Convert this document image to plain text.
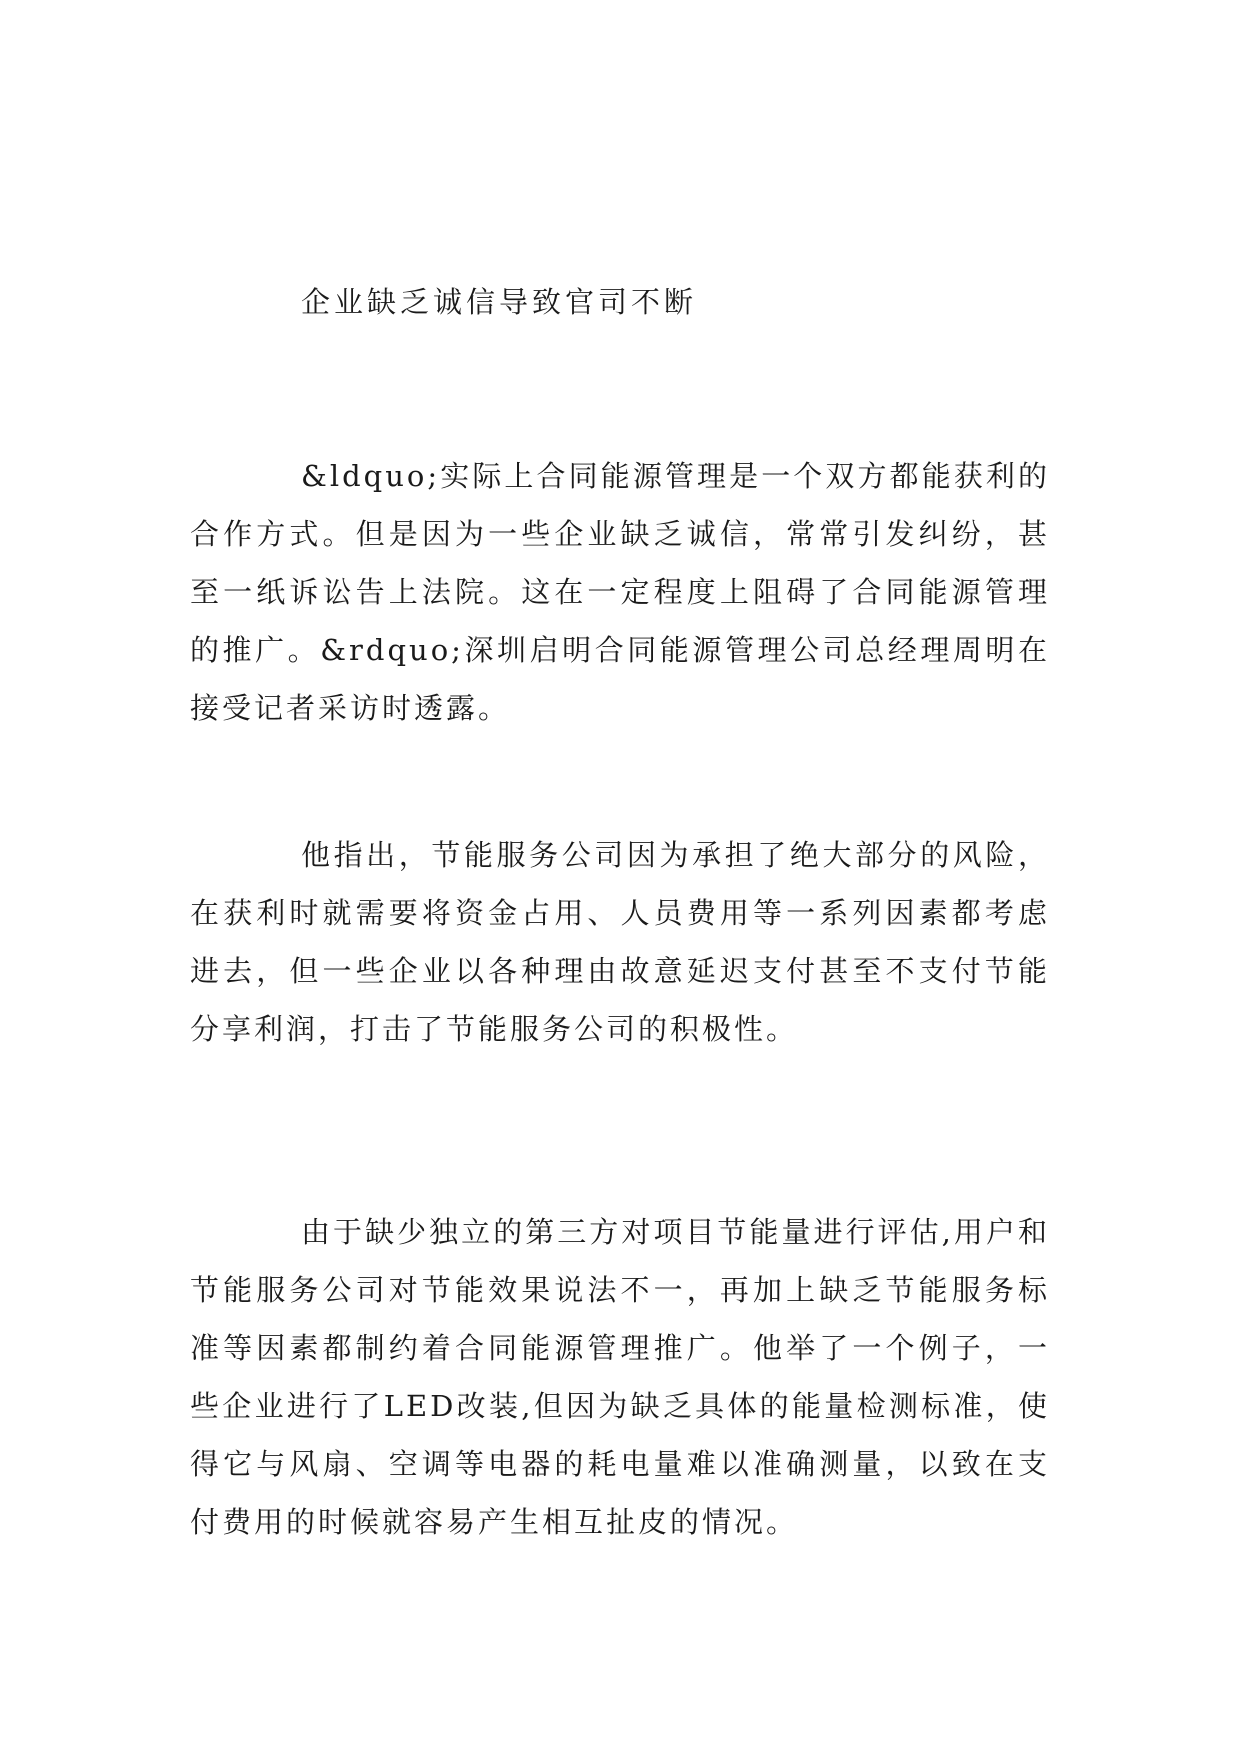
企业缺乏诚信导致官司不断

&ldquo;实际上合同能源管理是一个双方都能获利的合作方式。但是因为一些企业缺乏诚信，常常引发纠纷，甚至一纸诉讼告上法院。这在一定程度上阻碍了合同能源管理的推广。&rdquo;深圳启明合同能源管理公司总经理周明在接受记者采访时透露。

他指出，节能服务公司因为承担了绝大部分的风险，在获利时就需要将资金占用、人员费用等一系列因素都考虑进去，但一些企业以各种理由故意延迟支付甚至不支付节能分享利润，打击了节能服务公司的积极性。

由于缺少独立的第三方对项目节能量进行评估,用户和节能服务公司对节能效果说法不一，再加上缺乏节能服务标准等因素都制约着合同能源管理推广。他举了一个例子，一些企业进行了LED改装,但因为缺乏具体的能量检测标准，使得它与风扇、空调等电器的耗电量难以准确测量，以致在支付费用的时候就容易产生相互扯皮的情况。
